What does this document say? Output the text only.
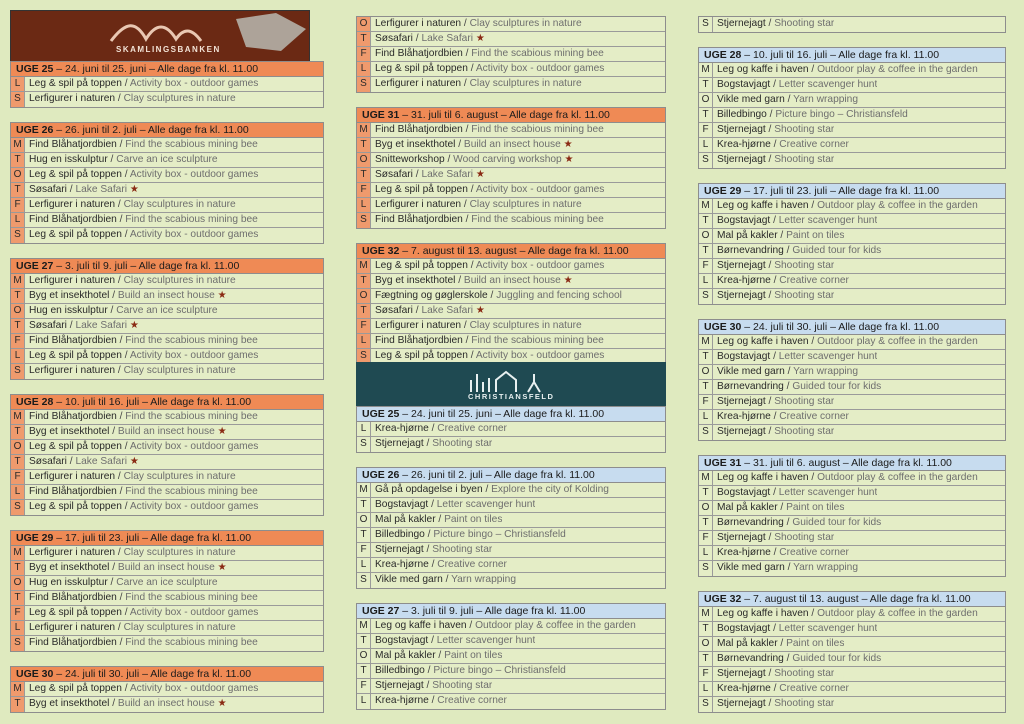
SKAMLINGSBANKEN
UGE 25 – 24. juni til 25. juni – Alle dage fra kl. 11.00
L Leg & spil på toppen / Activity box - outdoor games
S Lerfigurer i naturen / Clay sculptures in nature
UGE 26 – 26. juni til 2. juli – Alle dage fra kl. 11.00
M Find Blåhatjordbien / Find the scabious mining bee
T Hug en isskulptur / Carve an ice sculpture
O Leg & spil på toppen / Activity box - outdoor games
T Søsafari / Lake Safari ★
F Lerfigurer i naturen / Clay sculptures in nature
L Find Blåhatjordbien / Find the scabious mining bee
S Leg & spil på toppen / Activity box - outdoor games
UGE 27 – 3. juli til 9. juli – Alle dage fra kl. 11.00
M Lerfigurer i naturen / Clay sculptures in nature
T Byg et insekthotel / Build an insect house ★
O Hug en isskulptur / Carve an ice sculpture
T Søsafari / Lake Safari ★
F Find Blåhatjordbien / Find the scabious mining bee
L Leg & spil på toppen / Activity box - outdoor games
S Lerfigurer i naturen / Clay sculptures in nature
UGE 28 – 10. juli til 16. juli – Alle dage fra kl. 11.00
M Find Blåhatjordbien / Find the scabious mining bee
T Byg et insekthotel / Build an insect house ★
O Leg & spil på toppen / Activity box - outdoor games
T Søsafari / Lake Safari ★
F Lerfigurer i naturen / Clay sculptures in nature
L Find Blåhatjordbien / Find the scabious mining bee
S Leg & spil på toppen / Activity box - outdoor games
UGE 29 – 17. juli til 23. juli – Alle dage fra kl. 11.00
M Lerfigurer i naturen / Clay sculptures in nature
T Byg et insekthotel / Build an insect house ★
O Hug en isskulptur / Carve an ice sculpture
T Find Blåhatjordbien / Find the scabious mining bee
F Leg & spil på toppen / Activity box - outdoor games
L Lerfigurer i naturen / Clay sculptures in nature
S Find Blåhatjordbien / Find the scabious mining bee
UGE 30 – 24. juli til 30. juli – Alle dage fra kl. 11.00
M Leg & spil på toppen / Activity box - outdoor games
T Byg et insekthotel / Build an insect house ★
O Lerfigurer i naturen / Clay sculptures in nature
T Søsafari / Lake Safari ★
F Find Blåhatjordbien / Find the scabious mining bee
L Leg & spil på toppen / Activity box - outdoor games
S Lerfigurer i naturen / Clay sculptures in nature
UGE 31 – 31. juli til 6. august – Alle dage fra kl. 11.00
M Find Blåhatjordbien / Find the scabious mining bee
T Byg et insekthotel / Build an insect house ★
O Snitteworkshop / Wood carving workshop ★
T Søsafari / Lake Safari ★
F Leg & spil på toppen / Activity box - outdoor games
L Lerfigurer i naturen / Clay sculptures in nature
S Find Blåhatjordbien / Find the scabious mining bee
UGE 32 – 7. august til 13. august – Alle dage fra kl. 11.00
M Leg & spil på toppen / Activity box - outdoor games
T Byg et insekthotel / Build an insect house ★
O Fægtning og gøglerskole / Juggling and fencing school
T Søsafari / Lake Safari ★
F Lerfigurer i naturen / Clay sculptures in nature
L Find Blåhatjordbien / Find the scabious mining bee
S Leg & spil på toppen / Activity box - outdoor games
CHRISTIANSFELD
UGE 25 – 24. juni til 25. juni – Alle dage fra kl. 11.00
L Krea-hjørne / Creative corner
S Stjernejagt / Shooting star
UGE 26 – 26. juni til 2. juli – Alle dage fra kl. 11.00
M Gå på opdagelse i byen / Explore the city of Kolding
T Bogstavjagt / Letter scavenger hunt
O Mal på kakler / Paint on tiles
T Billedbingo / Picture bingo – Christiansfeld
F Stjernejagt / Shooting star
L Krea-hjørne / Creative corner
S Vikle med garn / Yarn wrapping
UGE 27 – 3. juli til 9. juli – Alle dage fra kl. 11.00
M Leg og kaffe i haven / Outdoor play & coffee in the garden
T Bogstavjagt / Letter scavenger hunt
O Mal på kakler / Paint on tiles
T Billedbingo / Picture bingo – Christiansfeld
F Stjernejagt / Shooting star
L Krea-hjørne / Creative corner
S Stjernejagt / Shooting star
UGE 28 – 10. juli til 16. juli – Alle dage fra kl. 11.00
M Leg og kaffe i haven / Outdoor play & coffee in the garden
T Bogstavjagt / Letter scavenger hunt
O Vikle med garn / Yarn wrapping
T Billedbingo / Picture bingo – Christiansfeld
F Stjernejagt / Shooting star
L Krea-hjørne / Creative corner
S Stjernejagt / Shooting star
UGE 29 – 17. juli til 23. juli – Alle dage fra kl. 11.00
M Leg og kaffe i haven / Outdoor play & coffee in the garden
T Bogstavjagt / Letter scavenger hunt
O Mal på kakler / Paint on tiles
T Børnevandring / Guided tour for kids
F Stjernejagt / Shooting star
L Krea-hjørne / Creative corner
S Stjernejagt / Shooting star
UGE 30 – 24. juli til 30. juli – Alle dage fra kl. 11.00
M Leg og kaffe i haven / Outdoor play & coffee in the garden
T Bogstavjagt / Letter scavenger hunt
O Vikle med garn / Yarn wrapping
T Børnevandring / Guided tour for kids
F Stjernejagt / Shooting star
L Krea-hjørne / Creative corner
S Stjernejagt / Shooting star
UGE 31 – 31. juli til 6. august – Alle dage fra kl. 11.00
M Leg og kaffe i haven / Outdoor play & coffee in the garden
T Bogstavjagt / Letter scavenger hunt
O Mal på kakler / Paint on tiles
T Børnevandring / Guided tour for kids
F Stjernejagt / Shooting star
L Krea-hjørne / Creative corner
S Vikle med garn / Yarn wrapping
UGE 32 – 7. august til 13. august – Alle dage fra kl. 11.00
M Leg og kaffe i haven / Outdoor play & coffee in the garden
T Bogstavjagt / Letter scavenger hunt
O Mal på kakler / Paint on tiles
T Børnevandring / Guided tour for kids
F Stjernejagt / Shooting star
L Krea-hjørne / Creative corner
S Stjernejagt / Shooting star
